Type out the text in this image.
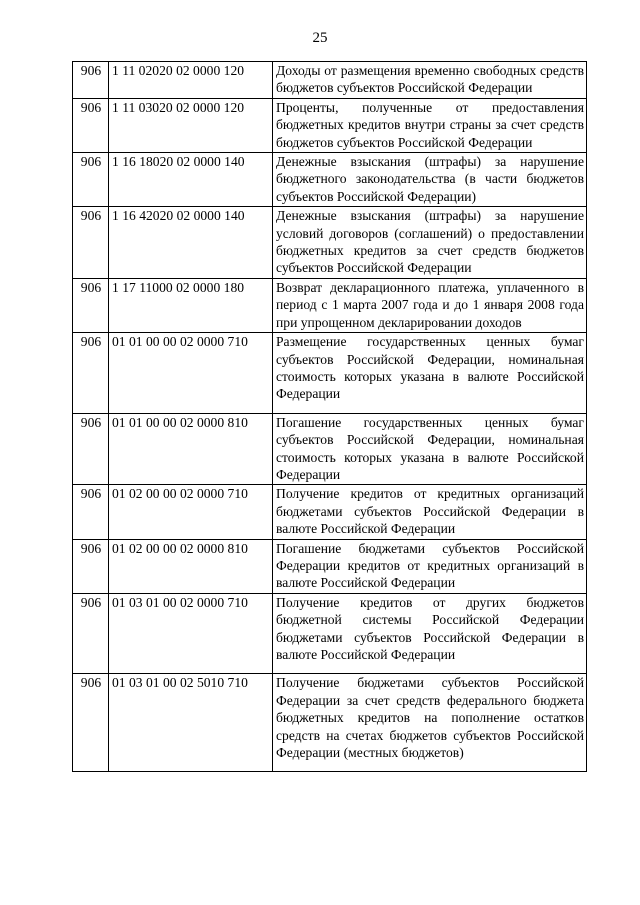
25
906	1 11 02020 02 0000 120	Доходы от размещения временно свободных средств бюджетов субъектов Российской Федерации
906	1 11 03020 02 0000 120	Проценты, полученные от предоставления бюджетных кредитов внутри страны за счет средств бюджетов субъектов Российской Федерации
906	1 16 18020 02 0000 140	Денежные взыскания (штрафы) за нарушение бюджетного законодательства (в части бюджетов субъектов Российской Федерации)
906	1 16 42020 02 0000 140	Денежные взыскания (штрафы) за нарушение условий договоров (соглашений) о предоставлении бюджетных кредитов за счет средств бюджетов субъектов Российской Федерации
906	1 17 11000 02 0000 180	Возврат декларационного платежа, уплаченного в период с 1 марта 2007 года и до 1 января 2008 года при упрощенном декларировании доходов
906	01 01 00 00 02 0000 710	Размещение государственных ценных бумаг субъектов Российской Федерации, номинальная стоимость которых указана в валюте Российской Федерации
906	01 01 00 00 02 0000 810	Погашение государственных ценных бумаг субъектов Российской Федерации, номинальная стоимость которых указана в валюте Российской Федерации
906	01 02 00 00 02 0000 710	Получение кредитов от кредитных организаций бюджетами субъектов Российской Федерации в валюте Российской Федерации
906	01 02 00 00 02 0000 810	Погашение бюджетами субъектов Российской Федерации кредитов от кредитных организаций в валюте Российской Федерации
906	01 03 01 00 02 0000 710	Получение кредитов от других бюджетов бюджетной системы Российской Федерации бюджетами субъектов Российской Федерации в валюте Российской Федерации
906	01 03 01 00 02 5010 710	Получение бюджетами субъектов Российской Федерации за счет средств федерального бюджета бюджетных кредитов на пополнение остатков средств на счетах бюджетов субъектов Российской Федерации (местных бюджетов)
